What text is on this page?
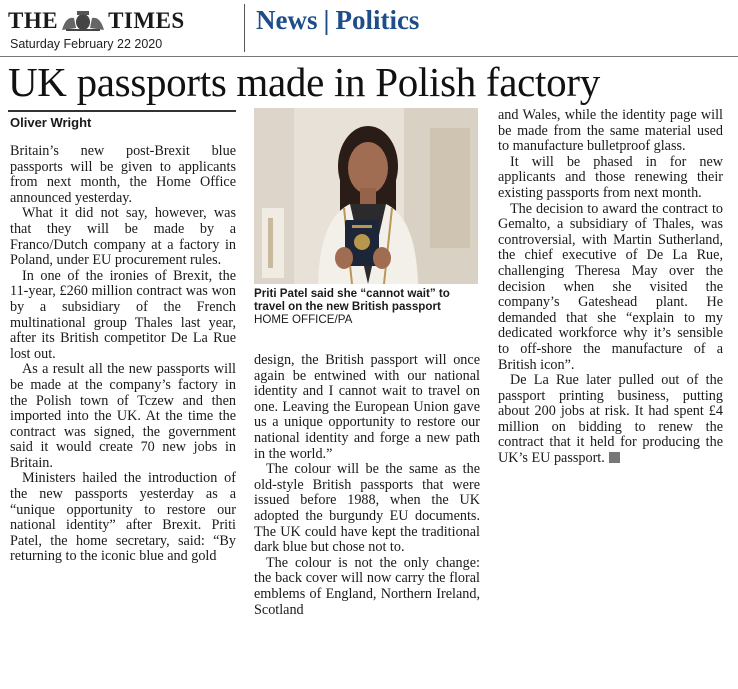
THE TIMES
Saturday February 22 2020
News | Politics
UK passports made in Polish factory
Oliver Wright

Britain’s new post-Brexit blue passports will be given to applicants from next month, the Home Office announced yesterday.

What it did not say, however, was that they will be made by a Franco/Dutch company at a factory in Poland, under EU procurement rules.

In one of the ironies of Brexit, the 11-year, £260 million contract was won by a subsidiary of the French multinational group Thales last year, after its British competitor De La Rue lost out.

As a result all the new passports will be made at the company’s factory in the Polish town of Tczew and then imported into the UK. At the time the contract was signed, the government said it would create 70 new jobs in Britain.

Ministers hailed the introduction of the new passports yesterday as a “unique opportunity to restore our national identity” after Brexit. Priti Patel, the home secretary, said: “By returning to the iconic blue and gold

Priti Patel said she “cannot wait” to travel on the new British passport
HOME OFFICE/PA

design, the British passport will once again be entwined with our national identity and I cannot wait to travel on one. Leaving the European Union gave us a unique opportunity to restore our national identity and forge a new path in the world.”

The colour will be the same as the old-style British passports that were issued before 1988, when the UK adopted the burgundy EU documents. The UK could have kept the traditional dark blue but chose not to.

The colour is not the only change: the back cover will now carry the floral emblems of England, Northern Ireland, Scotland

and Wales, while the identity page will be made from the same material used to manufacture bulletproof glass.

It will be phased in for new applicants and those renewing their existing passports from next month.

The decision to award the contract to Gemalto, a subsidiary of Thales, was controversial, with Martin Sutherland, the chief executive of De La Rue, challenging Theresa May over the decision when she visited the company’s Gateshead plant. He demanded that she “explain to my dedicated workforce why it’s sensible to off-shore the manufacture of a British icon”.

De La Rue later pulled out of the passport printing business, putting about 200 jobs at risk. It had spent £4 million on bidding to renew the contract that it held for producing the UK’s EU passport.
